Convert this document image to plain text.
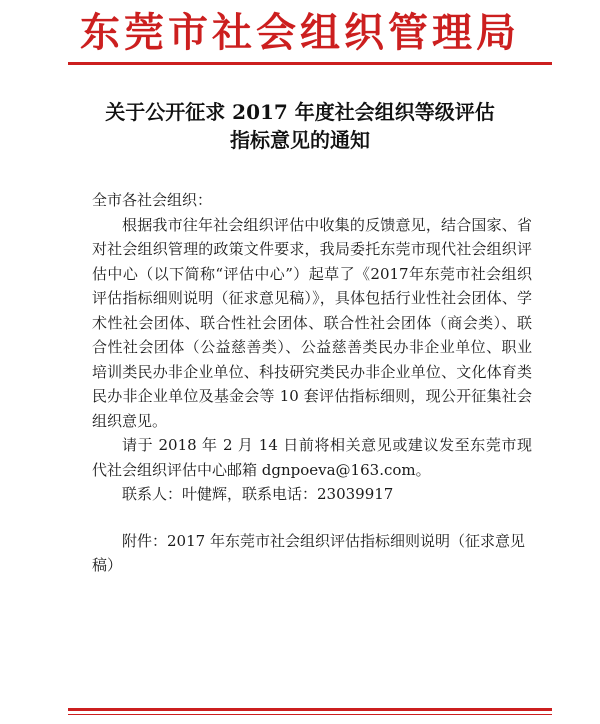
东莞市社会组织管理局
关于公开征求 2017 年度社会组织等级评估
指标意见的通知

全市各社会组织：

根据我市往年社会组织评估中收集的反馈意见，结合国家、省对社会组织管理的政策文件要求，我局委托东莞市现代社会组织评估中心（以下简称“评估中心”）起草了《2017年东莞市社会组织评估指标细则说明（征求意见稿）》，具体包括行业性社会团体、学术性社会团体、联合性社会团体、联合性社会团体（商会类）、联合性社会团体（公益慈善类）、公益慈善类民办非企业单位、职业培训类民办非企业单位、科技研究类民办非企业单位、文化体育类民办非企业单位及基金会等 10 套评估指标细则，现公开征集社会组织意见。

请于 2018 年 2 月 14 日前将相关意见或建议发至东莞市现代社会组织评估中心邮箱 dgnpoeva@163.com。

联系人：叶健辉，联系电话：23039917

附件：2017 年东莞市社会组织评估指标细则说明（征求意见稿）
